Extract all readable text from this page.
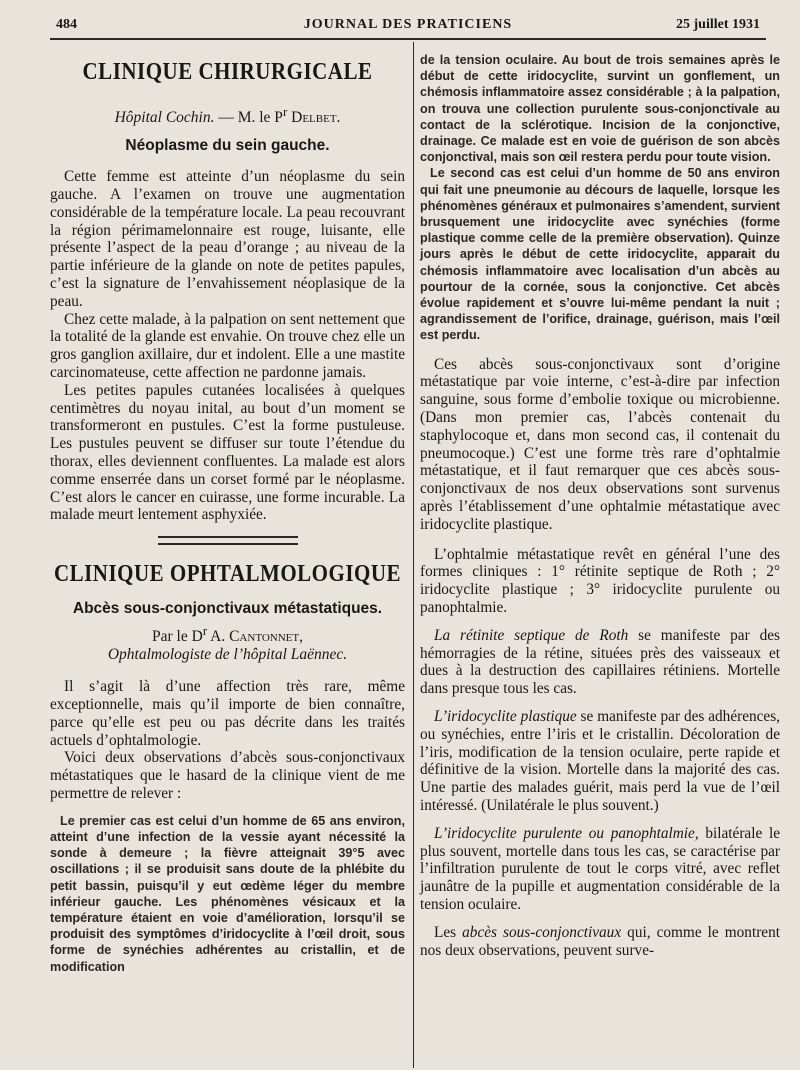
484	JOURNAL DES PRATICIENS	25 juillet 1931
CLINIQUE CHIRURGICALE

Hôpital Cochin. — M. le $P^r$ Delbet.

Néoplasme du sein gauche.

Cette femme est atteinte d’un néoplasme du sein gauche. A l’examen on trouve une augmentation considérable de la température locale. La peau recouvrant la région périmamelonnaire est rouge, luisante, elle présente l’aspect de la peau d’orange ; au niveau de la partie inférieure de la glande on note de petites papules, c’est la signature de l’envahissement néoplasique de la peau.

Chez cette malade, à la palpation on sent nettement que la totalité de la glande est envahie. On trouve chez elle un gros ganglion axillaire, dur et indolent. Elle a une mastite carcinomateuse, cette affection ne pardonne jamais.

Les petites papules cutanées localisées à quelques centimètres du noyau inital, au bout d’un moment se transformeront en pustules. C’est la forme pustuleuse. Les pustules peuvent se diffuser sur toute l’étendue du thorax, elles deviennent confluentes. La malade est alors comme enserrée dans un corset formé par le néoplasme. C’est alors le cancer en cuirasse, une forme incurable. La malade meurt lentement asphyxiée.

CLINIQUE OPHTALMOLOGIQUE

Abcès sous-conjonctivaux métastatiques.

Par le $D^r$ A. Cantonnet,

Ophtalmologiste de l’hôpital Laënnec.

Il s’agit là d’une affection très rare, même exceptionnelle, mais qu’il importe de bien connaître, parce qu’elle est peu ou pas décrite dans les traités actuels d’ophtalmologie.

Voici deux observations d’abcès sous-conjonctivaux métastatiques que le hasard de la clinique vient de me permettre de relever :

Le premier cas est celui d’un homme de 65 ans environ, atteint d’une infection de la vessie ayant nécessité la sonde à demeure ; la fièvre atteignait 39°5 avec oscillations ; il se produisit sans doute de la phlébite du petit bassin, puisqu’il y eut œdème léger du membre inférieur gauche. Les phénomènes vésicaux et la température étaient en voie d’amélioration, lorsqu’il se produisit des symptômes d’iridocyclite à l’œil droit, sous forme de synéchies adhérentes au cristallin, et de modification

de la tension oculaire. Au bout de trois semaines après le début de cette iridocyclite, survint un gonflement, un chémosis inflammatoire assez considérable ; à la palpation, on trouva une collection purulente sous-conjonctivale au contact de la sclérotique. Incision de la conjonctive, drainage. Ce malade est en voie de guérison de son abcès conjonctival, mais son œil restera perdu pour toute vision.

Le second cas est celui d’un homme de 50 ans environ qui fait une pneumonie au décours de laquelle, lorsque les phénomènes généraux et pulmonaires s’amendent, survient brusquement une iridocyclite avec synéchies (forme plastique comme celle de la première observation). Quinze jours après le début de cette iridocyclite, apparait du chémosis inflammatoire avec localisation d’un abcès au pourtour de la cornée, sous la conjonctive. Cet abcès évolue rapidement et s’ouvre lui-même pendant la nuit ; agrandissement de l’orifice, drainage, guérison, mais l’œil est perdu.

Ces abcès sous-conjonctivaux sont d’origine métastatique par voie interne, c’est-à-dire par infection sanguine, sous forme d’embolie toxique ou microbienne. (Dans mon premier cas, l’abcès contenait du staphylocoque et, dans mon second cas, il contenait du pneumocoque.) C’est une forme très rare d’ophtalmie métastatique, et il faut remarquer que ces abcès sous-conjonctivaux de nos deux observations sont survenus après l’établissement d’une ophtalmie métastatique avec iridocyclite plastique.

L’ophtalmie métastatique revêt en général l’une des formes cliniques : 1° rétinite septique de Roth ; 2° iridocyclite plastique ; 3° iridocyclite purulente ou panophtalmie.

La rétinite septique de Roth se manifeste par des hémorragies de la rétine, situées près des vaisseaux et dues à la destruction des capillaires rétiniens. Mortelle dans presque tous les cas.

L’iridocyclite plastique se manifeste par des adhérences, ou synéchies, entre l’iris et le cristallin. Décoloration de l’iris, modification de la tension oculaire, perte rapide et définitive de la vision. Mortelle dans la majorité des cas. Une partie des malades guérit, mais perd la vue de l’œil intéressé. (Unilatérale le plus souvent.)

L’iridocyclite purulente ou panophtalmie, bilatérale le plus souvent, mortelle dans tous les cas, se caractérise par l’infiltration purulente de tout le corps vitré, avec reflet jaunâtre de la pupille et augmentation considérable de la tension oculaire.

Les abcès sous-conjonctivaux qui, comme le montrent nos deux observations, peuvent surve-
